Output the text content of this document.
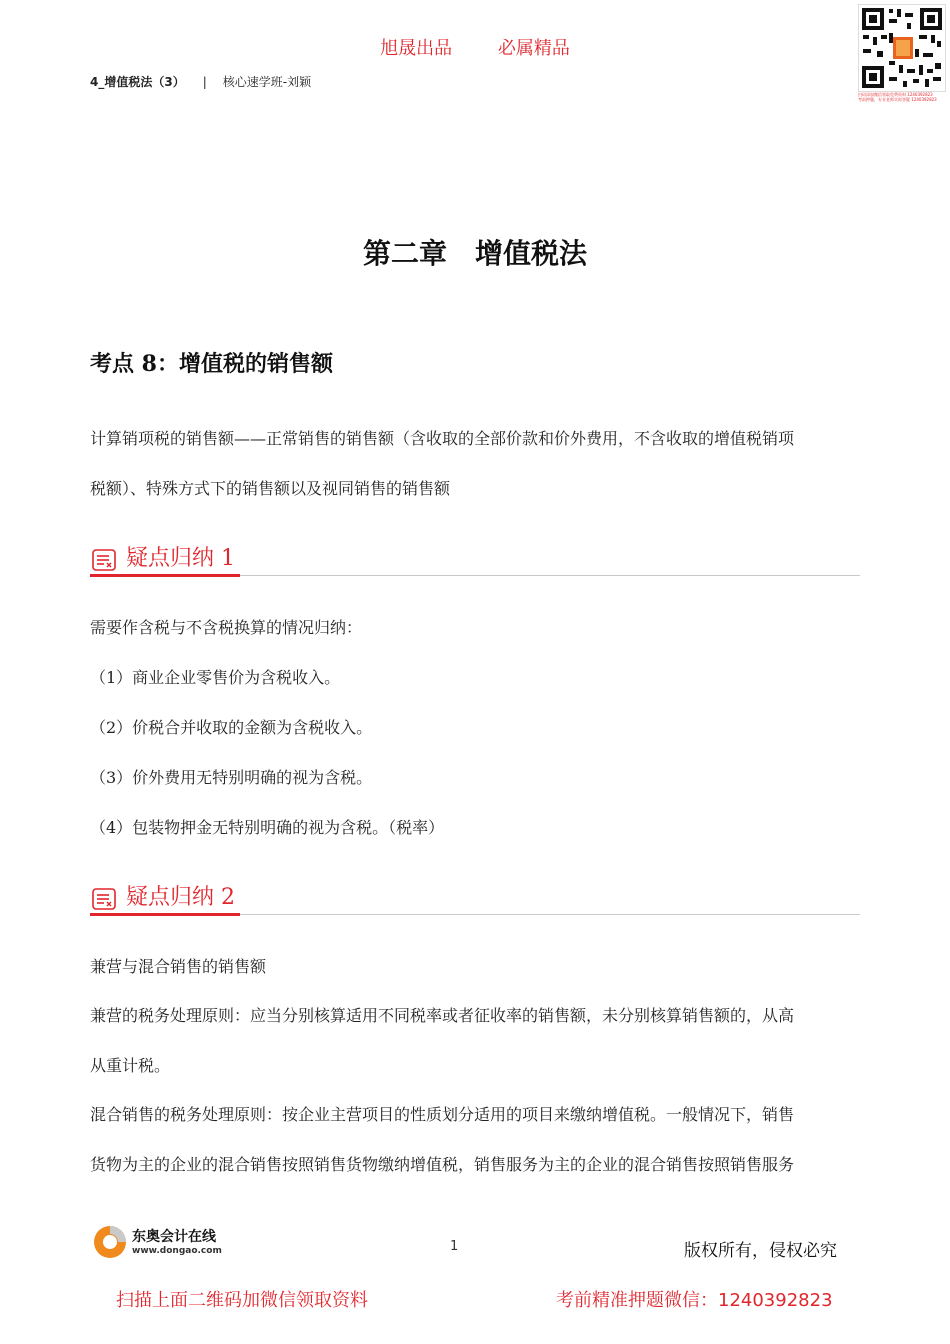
旭晟出品	必属精品
4_增值税法（3） | 核心速学班-刘颖
扫码添加微信领取免费资料 1240392823
考前押题，专业老师实时答疑 1240392823
第二章　增值税法
考点 8：增值税的销售额
计算销项税的销售额——正常销售的销售额（含收取的全部价款和价外费用，不含收取的增值税销项
税额）、特殊方式下的销售额以及视同销售的销售额
疑点归纳 1
需要作含税与不含税换算的情况归纳：
（1）商业企业零售价为含税收入。
（2）价税合并收取的金额为含税收入。
（3）价外费用无特别明确的视为含税。
（4）包装物押金无特别明确的视为含税。（税率）
疑点归纳 2
兼营与混合销售的销售额
兼营的税务处理原则：应当分别核算适用不同税率或者征收率的销售额，未分别核算销售额的，从高
从重计税。
混合销售的税务处理原则：按企业主营项目的性质划分适用的项目来缴纳增值税。一般情况下，销售
货物为主的企业的混合销售按照销售货物缴纳增值税，销售服务为主的企业的混合销售按照销售服务
东奥会计在线
www.dongao.com	1	版权所有，侵权必究
扫描上面二维码加微信领取资料	考前精准押题微信：1240392823
